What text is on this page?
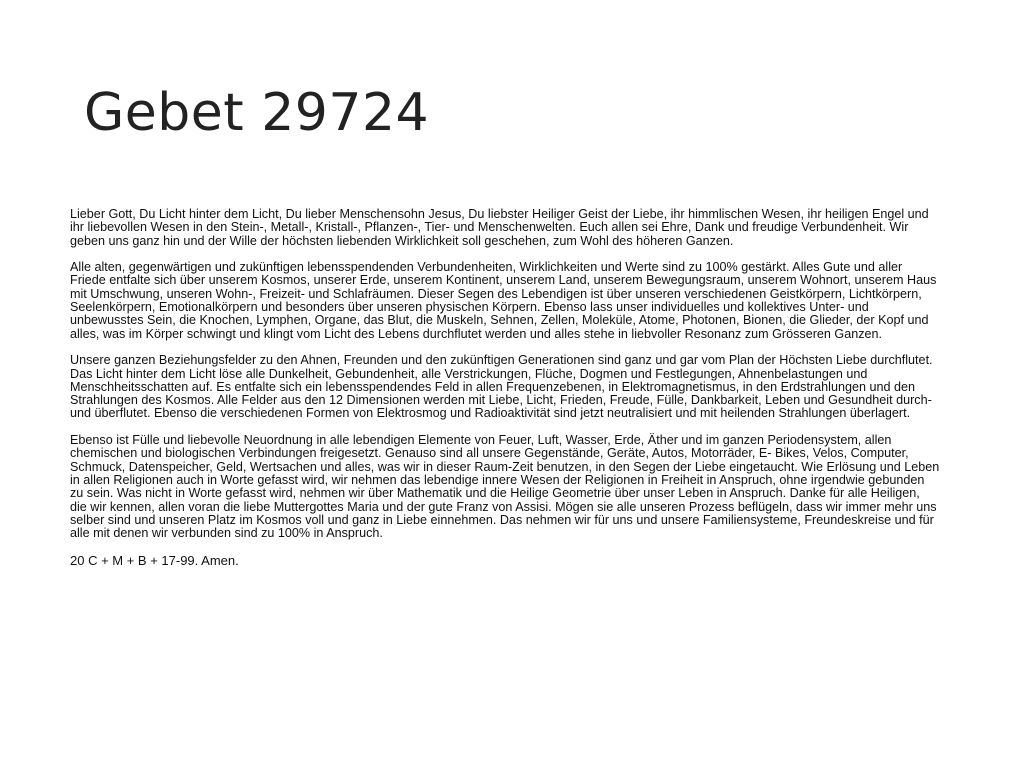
Gebet 29724

Lieber Gott, Du Licht hinter dem Licht, Du lieber Menschensohn Jesus, Du liebster Heiliger Geist der Liebe, ihr himmlischen Wesen, ihr heiligen Engel und ihr liebevollen Wesen in den Stein-, Metall-, Kristall-, Pflanzen-, Tier- und Menschenwelten. Euch allen sei Ehre, Dank und freudige Verbundenheit. Wir geben uns ganz hin und der Wille der höchsten liebenden Wirklichkeit soll geschehen, zum Wohl des höheren Ganzen.

Alle alten, gegenwärtigen und zukünftigen lebensspendenden Verbundenheiten, Wirklichkeiten und Werte sind zu 100% gestärkt. Alles Gute und aller Friede entfalte sich über unserem Kosmos, unserer Erde, unserem Kontinent, unserem Land, unserem Bewegungsraum, unserem Wohnort, unserem Haus mit Umschwung, unseren Wohn-, Freizeit- und Schlafräumen. Dieser Segen des Lebendigen ist über unseren verschiedenen Geistkörpern, Lichtkörpern, Seelenkörpern, Emotionalkörpern und besonders über unseren physischen Körpern. Ebenso lass unser individuelles und kollektives Unter- und unbewusstes Sein, die Knochen, Lymphen, Organe, das Blut, die Muskeln, Sehnen, Zellen, Moleküle, Atome, Photonen, Bionen, die Glieder, der Kopf und alles, was im Körper schwingt und klingt vom Licht des Lebens durchflutet werden und alles stehe in liebvoller Resonanz zum Grösseren Ganzen.

Unsere ganzen Beziehungsfelder zu den Ahnen, Freunden und den zukünftigen Generationen sind ganz und gar vom Plan der Höchsten Liebe durchflutet. Das Licht hinter dem Licht löse alle Dunkelheit, Gebundenheit, alle Verstrickungen, Flüche, Dogmen und Festlegungen, Ahnenbelastungen und Menschheitsschatten auf. Es entfalte sich ein lebensspendendes Feld in allen Frequenzebenen, in Elektromagnetismus, in den Erdstrahlungen und den Strahlungen des Kosmos. Alle Felder aus den 12 Dimensionen werden mit Liebe, Licht, Frieden, Freude, Fülle, Dankbarkeit, Leben und Gesundheit durch- und überflutet. Ebenso die verschiedenen Formen von Elektrosmog und Radioaktivität sind jetzt neutralisiert und mit heilenden Strahlungen überlagert.

Ebenso ist Fülle und liebevolle Neuordnung in alle lebendigen Elemente von Feuer, Luft, Wasser, Erde, Äther und im ganzen Periodensystem, allen chemischen und biologischen Verbindungen freigesetzt. Genauso sind all unsere Gegenstände, Geräte, Autos, Motorräder, E- Bikes, Velos, Computer, Schmuck, Datenspeicher, Geld, Wertsachen und alles, was wir in dieser Raum-Zeit benutzen, in den Segen der Liebe eingetaucht. Wie Erlösung und Leben in allen Religionen auch in Worte gefasst wird, wir nehmen das lebendige innere Wesen der Religionen in Freiheit in Anspruch, ohne irgendwie gebunden zu sein. Was nicht in Worte gefasst wird, nehmen wir über Mathematik und die Heilige Geometrie über unser Leben in Anspruch. Danke für alle Heiligen, die wir kennen, allen voran die liebe Muttergottes Maria und der gute Franz von Assisi. Mögen sie alle unseren Prozess beflügeln, dass wir immer mehr uns selber sind und unseren Platz im Kosmos voll und ganz in Liebe einnehmen. Das nehmen wir für uns und unsere Familiensysteme, Freundeskreise und für alle mit denen wir verbunden sind zu 100% in Anspruch.

20 C + M + B + 17-99. Amen.
